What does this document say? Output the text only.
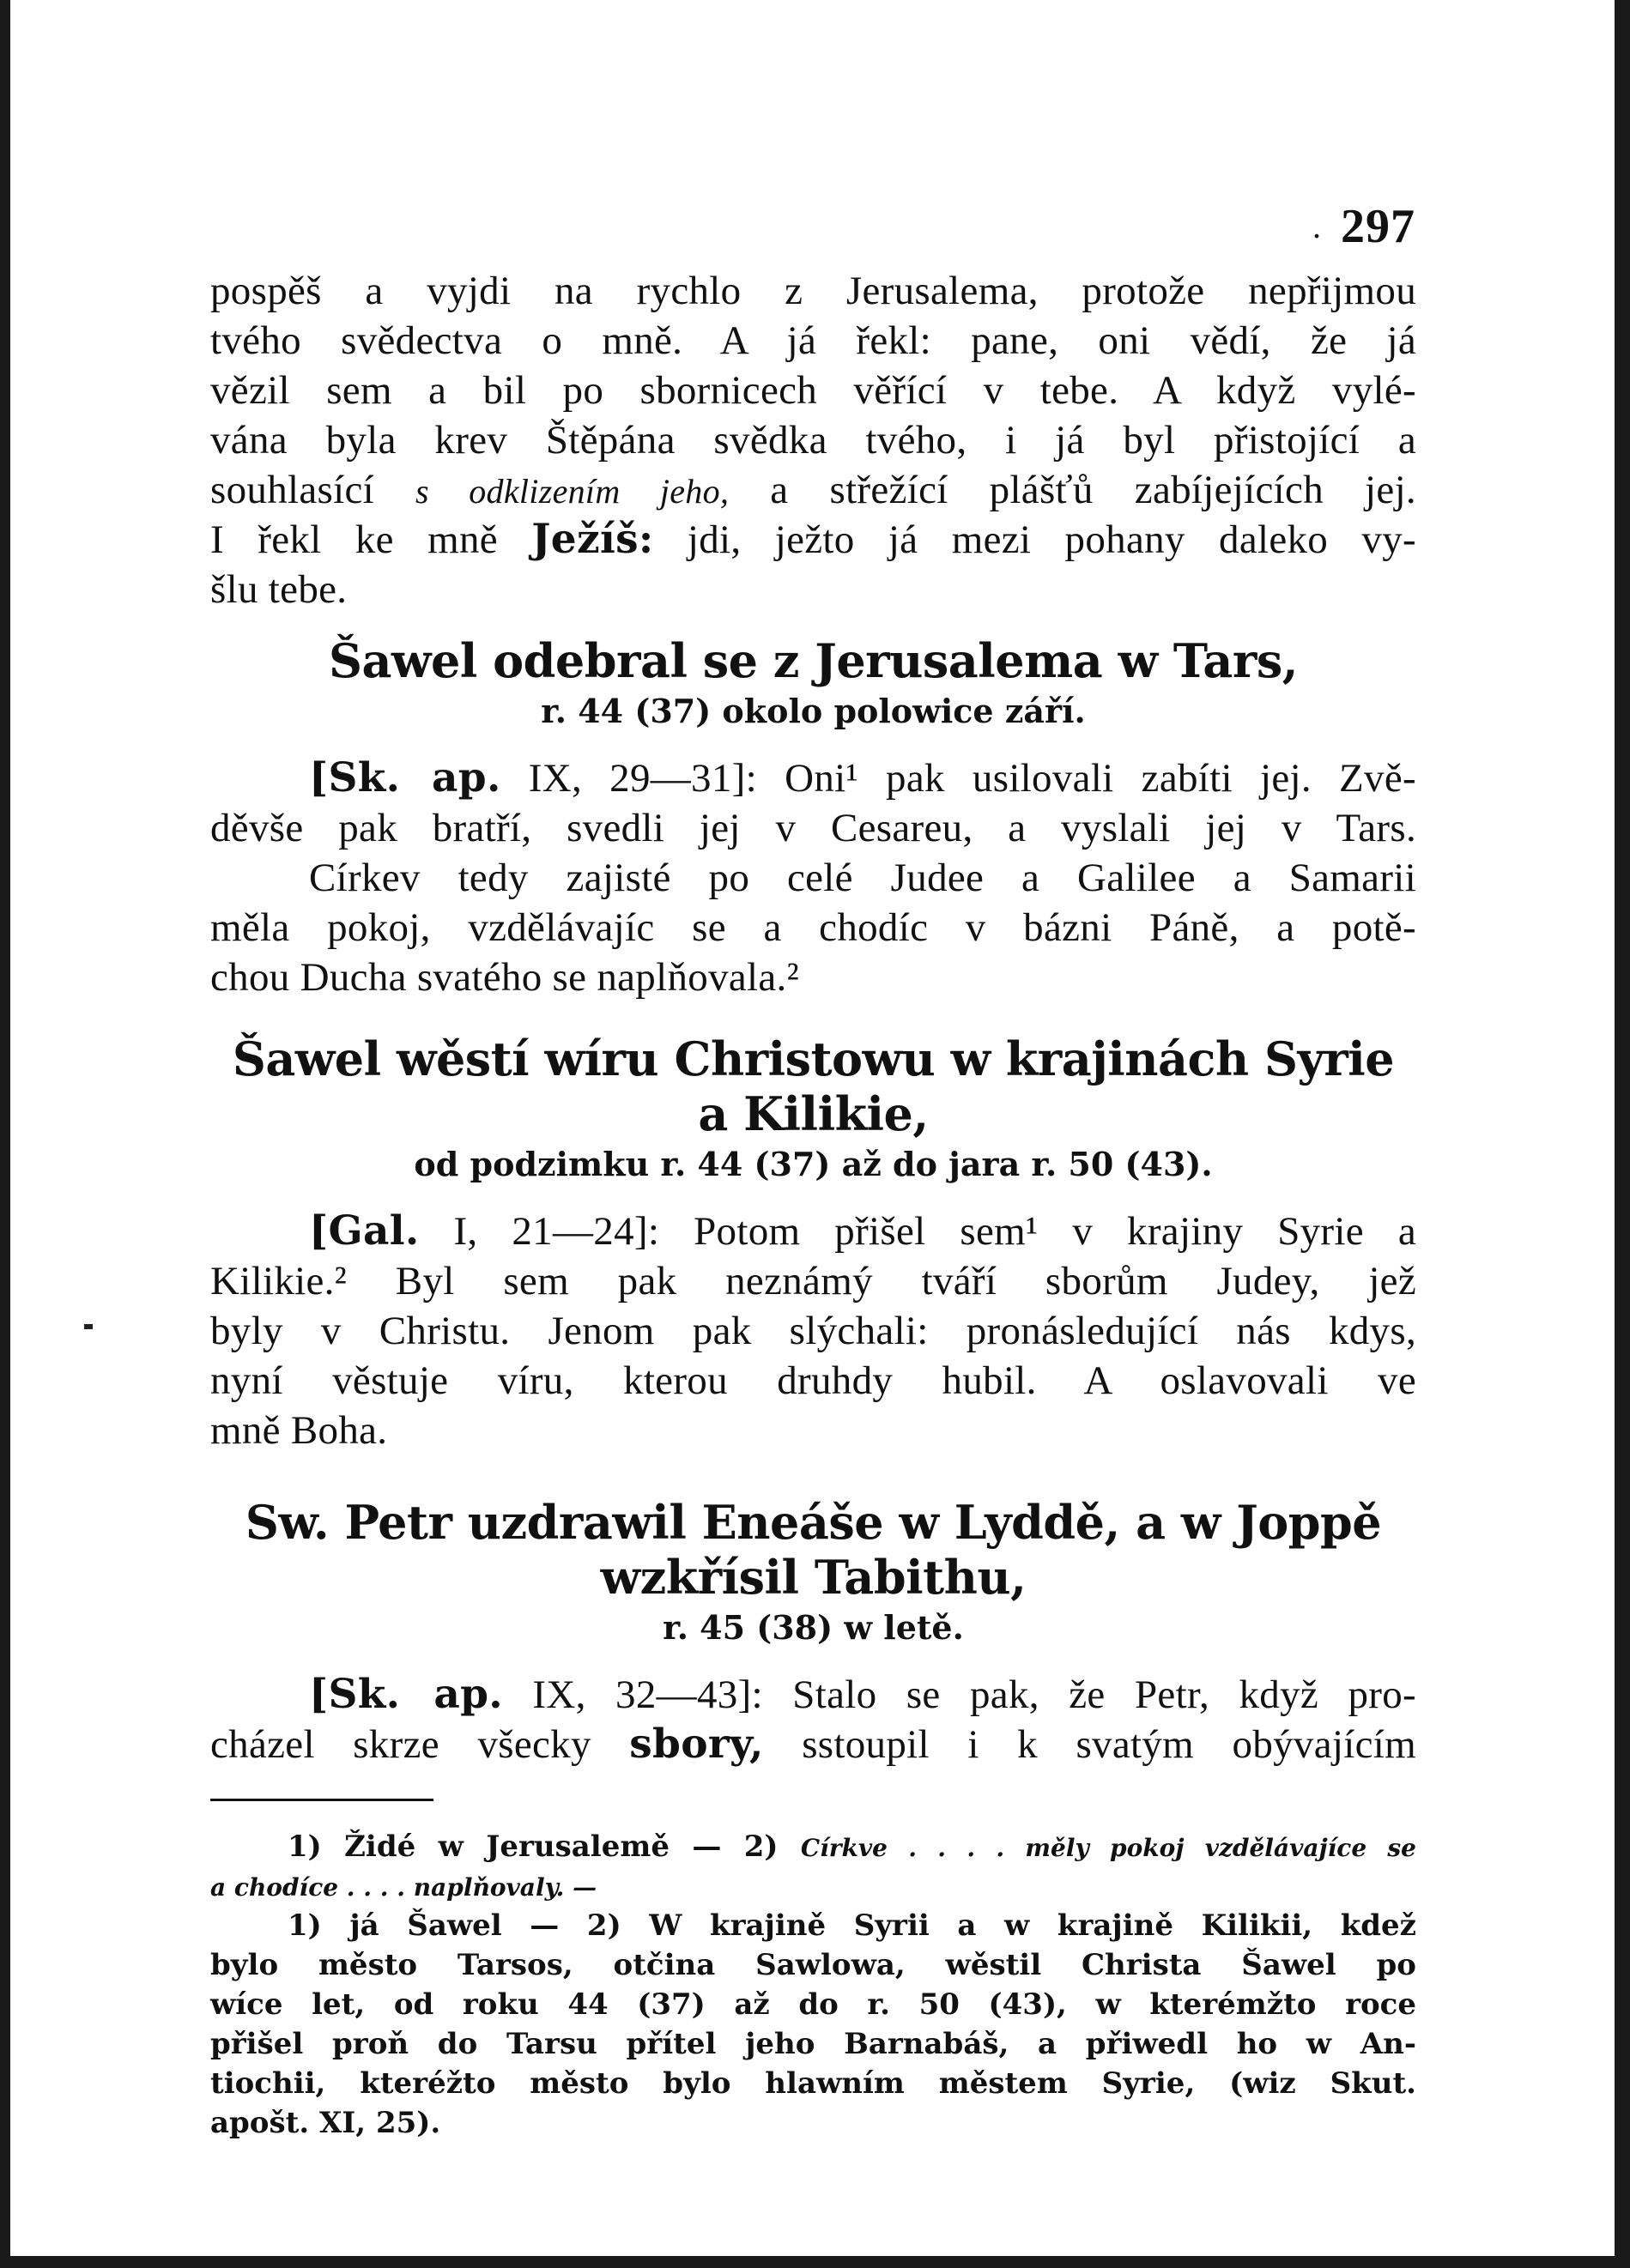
. 297
pospěš a vyjdi na rychlo z Jerusalema, protože nepřijmou
tvého svědectva o mně. A já řekl: pane, oni vědí, že já
vězil sem a bil po sbornicech věřící v tebe. A když vylé-
vána byla krev Štěpána svědka tvého, i já byl přistojící a
souhlasící s odklizením jeho, a střežící plášťů zabíjejících jej.
I řekl ke mně Ježíš: jdi, ježto já mezi pohany daleko vy-
šlu tebe.
Šawel odebral se z Jerusalema w Tars,
r. 44 (37) okolo polowice září.
[Sk. ap. IX, 29—31]: Oni¹ pak usilovali zabíti jej. Zvě-
děvše pak bratří, svedli jej v Cesareu, a vyslali jej v Tars.
Církev tedy zajisté po celé Judee a Galilee a Samarii
měla pokoj, vzdělávajíc se a chodíc v bázni Páně, a potě-
chou Ducha svatého se naplňovala.²
Šawel wěstí wíru Christowu w krajinách Syrie a Kilikie,
od podzimku r. 44 (37) až do jara r. 50 (43).
[Gal. I, 21—24]: Potom přišel sem¹ v krajiny Syrie a
Kilikie.² Byl sem pak neznámý tváří sborům Judey, jež
byly v Christu. Jenom pak slýchali: pronásledující nás kdys,
nyní věstuje víru, kterou druhdy hubil. A oslavovali ve
mně Boha.
Sw. Petr uzdrawil Eneáše w Lyddě, a w Joppě wzkřísil Tabithu,
r. 45 (38) w letě.
[Sk. ap. IX, 32—43]: Stalo se pak, že Petr, když pro-
cházel skrze všecky sbory, sstoupil i k svatým obývajícím
1) Židé w Jerusalemě — 2) Církve . . . . měly pokoj vzdělávajíce se
a chodíce . . . . naplňovaly. —
1) já Šawel — 2) W krajině Syrii a w krajině Kilikii, kdež
bylo město Tarsos, otčina Sawlowa, wěstil Christa Šawel po
wíce let, od roku 44 (37) až do r. 50 (43), w kterémžto roce
přišel proň do Tarsu přítel jeho Barnabáš, a přiwedl ho w An-
tiochii, kteréžto město bylo hlawním městem Syrie, (wiz Skut.
apošt. XI, 25).
